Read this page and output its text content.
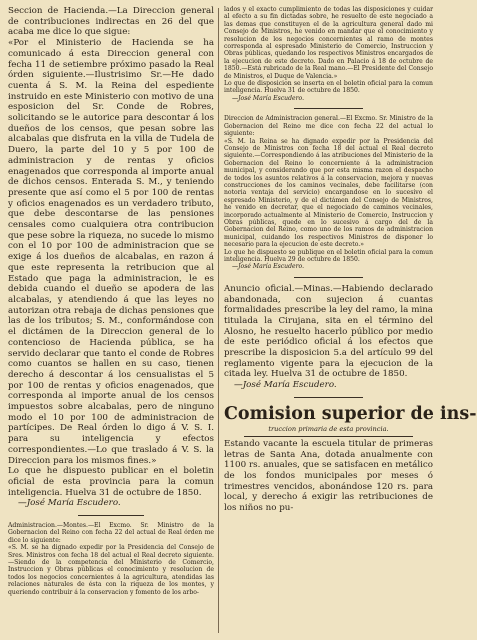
Seccion de Hacienda.—La Direccion general de contribuciones indirectas en 26 del que acaba me dice lo que sigue:

«Por el Ministerio de Hacienda se ha comunicado á esta Direccion general con fecha 11 de setiembre próximo pasado la Real órden siguiente.—Ilustrisimo Sr.—He dado cuenta á S. M. la Reina del espediente instruido en este Ministerio con motivo de una esposicion del Sr. Conde de Robres, solicitando se le autorice para descontar á los dueños de los censos, que pesan sobre las alcabalas que disfruta en la villa de Tudela de Duero, la parte del 10 y 5 por 100 de administracion y de rentas y oficios enagenados que corresponda al importe anual de dichos censos. Enterada S. M., y teniendo presente que así como el 5 por 100 de rentas y oficios enagenados es un verdadero tributo, que debe descontarse de las pensiones censales como cualquiera otra contribucion que pese sobre la riqueza, no sucede lo mismo con el 10 por 100 de administracion que se exige á los dueños de alcabalas, en razon á que este representa la retribucion que al Estado que paga la administracion, le es debida cuando el dueño se apodera de las alcabalas, y atendiendo á que las leyes no autorizan otra rebaja de dichas pensiones que las de los tributos; S. M., conformándose con el dictámen de la Direccion general de lo contencioso de Hacienda pública, se ha servido declarar que tanto el conde de Robres como cuantos se hallen en su caso, tienen derecho á descontar á los censualistas el 5 por 100 de rentas y oficios enagenados, que corresponda al importe anual de los censos impuestos sobre alcabalas, pero de ninguno modo el 10 por 100 de administracion de partícipes. De Real órden lo digo á V. S. I. para su inteligencia y efectos correspondientes.—Lo que traslado á V. S. la Direccion para los mismos fines.»

Lo que he dispuesto publicar en el boletin oficial de esta provincia para la comun inteligencia. Huelva 31 de octubre de 1850.

—José María Escudero.

Administracion.—Montes.—El Excmo. Sr. Ministro de la Gobernacion del Reino con fecha 22 del actual de Real órden me dice lo siguiente:

«S. M. se ha dignado expedir por la Presidencia del Consejo de Sres. Ministros con fecha 18 del actual el Real decreto siguiente.—Siendo de la competencia del Ministerio de Comercio, Instruccion y Obras públicas el conocimiento y resolucion de todos los negocios concernientes á la agricultura, atendidas las relaciones naturales de ésta con la riqueza de los montes, y queriendo contribuir á la conservacion y fomento de los arbo-

lados y el exacto cumplimiento de todas las disposiciones y cuidar al efecto a su fin dictadas sobre, he resuelto de este negociado a las demas que constituyen el de la agricultura general dado mi Consejo de Ministros, he venido en mandar que el conocimiento y resolucion de los negocios concernientes al ramo de montes corresponda al espresado Ministerio de Comercio, Instruccion y Obras públicas, quedando los respectivos Ministros encargados de la ejecucion de este decreto. Dado en Palacio á 18 de octubre de 1850.—Está rubricado de la Real mano.—El Presidente del Consejo de Ministros, el Duque de Valencia.»

Lo que de disposicion se inserta en el boletin oficial para la comun inteligencia. Huelva 31 de octubre de 1850.

—José María Escudero.

Direccion de Administracion general.—El Excmo. Sr. Ministro de la Gobernacion del Reino me dice con fecha 22 del actual lo siguiente:

«S. M. la Reina se ha dignado expedir por la Presidencia del Consejo de Ministros con fecha 18 del actual el Real decreto siguiente.—Correspondiendo á las atribuciones del Ministerio de la Gobernacion del Reino lo concerniente á la administracion municipal, y considerando que por esta misma razon el despacho de todos los asuntos relativos á la conservacion, mejora y nuevas construcciones de los caminos vecinales, debe facilitarse (con notoria ventaja del servicio) encargandose en lo sucesivo el espresado Ministerio, y de el dictámen del Consejo de Ministros, he venido en decretar, que el negociado de caminos vecinales, incorporado actualmente al Ministerio de Comercio, Instruccion y Obras públicas, quede en lo sucesivo á cargo del de la Gobernacion del Reino, como uno de los ramos de administracion municipal, cuidando los respectivos Ministros de disponer lo necesario para la ejecucion de este decreto.»

Lo que he dispuesto se publique en el boletin oficial para la comun inteligencia. Huelva 29 de octubre de 1850.

—José María Escudero.

Anuncio oficial.—Minas.—Habiendo declarado abandonada, con sujecion á cuantas formalidades prescribe la ley del ramo, la mina titulada la Cirujana, sita en el término del Alosno, he resuelto hacerlo público por medio de este periódico oficial á los efectos que prescribe la disposicion 5.a del artículo 99 del reglamento vigente para la ejecucion de la citada ley. Huelva 31 de octubre de 1850.

—José María Escudero.
Comision superior de ins-
truccion primaria de esta provincia.

Estando vacante la escuela titular de primeras letras de Santa Ana, dotada anualmente con 1100 rs. anuales, que se satisfacen en metálico de los fondos municipales por meses ó trimestres vencidos, abonándose 120 rs. para local, y derecho á exigir las retribuciones de los niños no pu-
